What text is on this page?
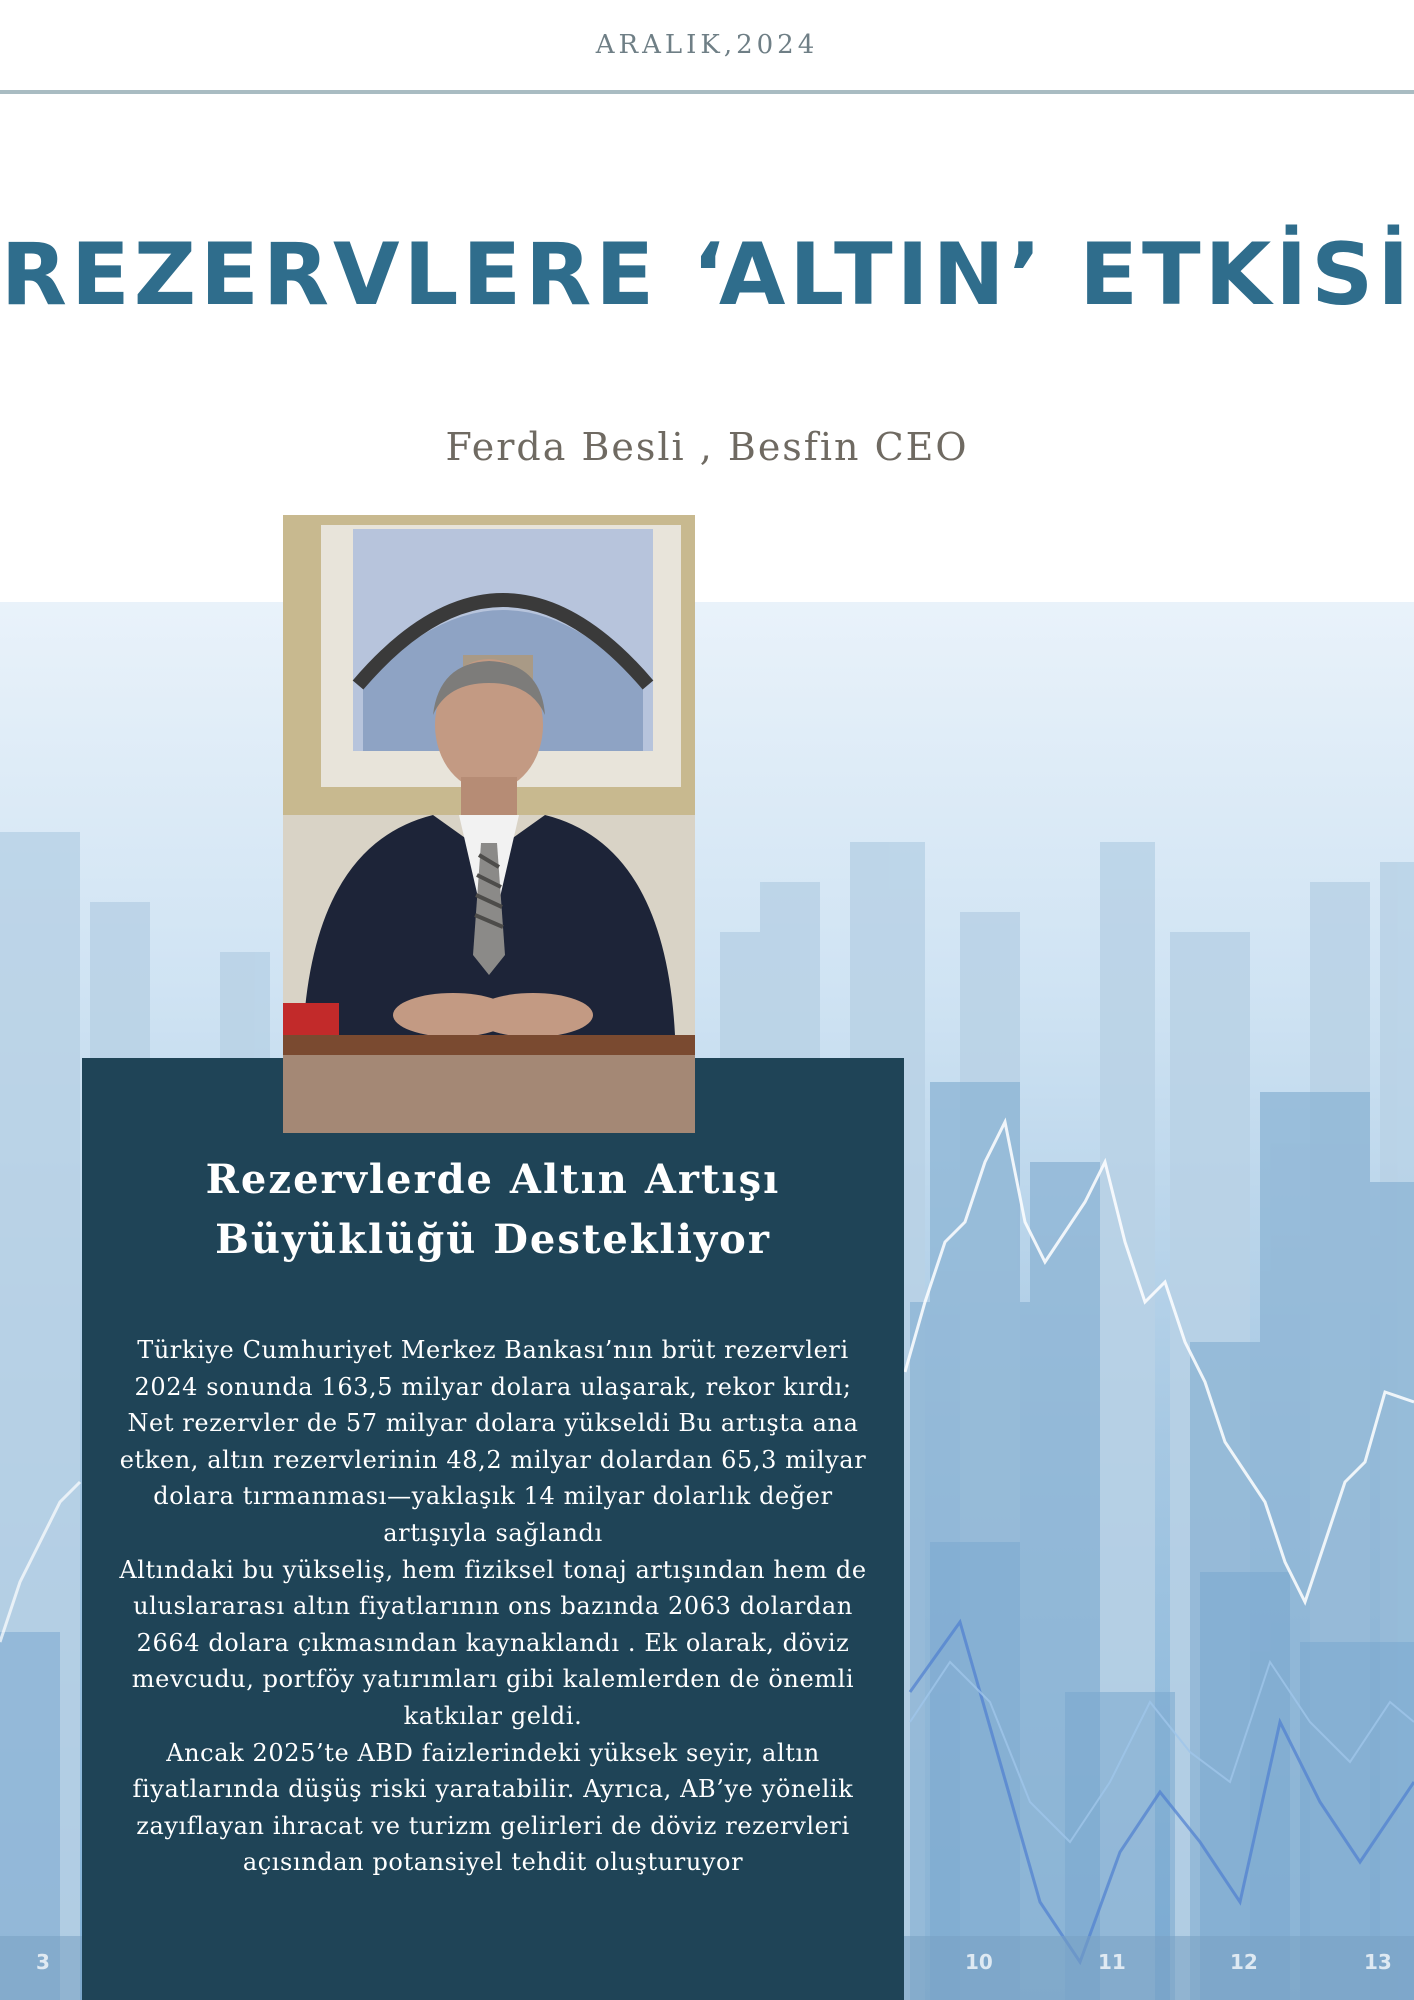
ARALIK,2024
REZERVLERE ‘ALTIN’ ETKİSİ
Ferda Besli , Besfin CEO
3	10	11	12	13
Rezervlerde Altın Artışı
Büyüklüğü Destekliyor

Türkiye Cumhuriyet Merkez Bankası’nın brüt rezervleri 2024 sonunda 163,5 milyar dolara ulaşarak, rekor kırdı; Net rezervler de 57 milyar dolara yükseldi Bu artışta ana etken, altın rezervlerinin 48,2 milyar dolardan 65,3 milyar dolara tırmanması—yaklaşık 14 milyar dolarlık değer artışıyla sağlandı

Altındaki bu yükseliş, hem fiziksel tonaj artışından hem de uluslararası altın fiyatlarının ons bazında 2063 dolardan 2664 dolara çıkmasından kaynaklandı . Ek olarak, döviz mevcudu, portföy yatırımları gibi kalemlerden de önemli katkılar geldi.

Ancak 2025’te ABD faizlerindeki yüksek seyir, altın fiyatlarında düşüş riski yaratabilir. Ayrıca, AB’ye yönelik zayıflayan ihracat ve turizm gelirleri de döviz rezervleri açısından potansiyel tehdit oluşturuyor
